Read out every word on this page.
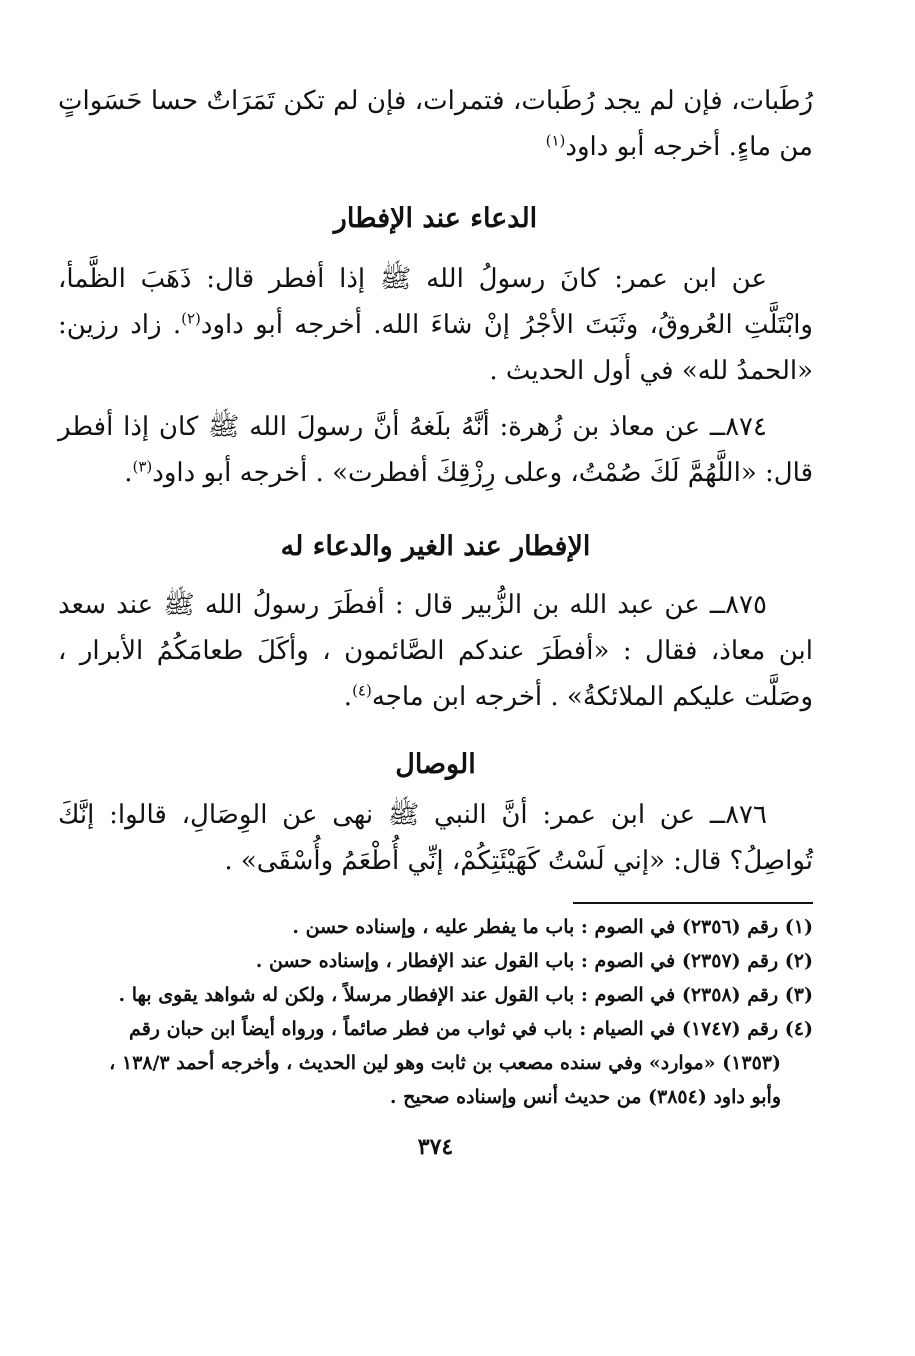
رُطَبات، فإن لم يجد رُطَبات، فتمرات، فإن لم تكن تَمَرَاتٌ حسا حَسَواتٍ من ماءٍ. أخرجه أبو داود$^{(١)}$

الدعاء عند الإفطار

عن ابن عمر: كانَ رسولُ الله ﷺ إذا أفطر قال: ذَهَبَ الظَّمأ، وابْتَلَّتِ العُروقُ، وثَبَتَ الأجْرُ إنْ شاءَ الله. أخرجه أبو داود$^{(٢)}$. زاد رزين: «الحمدُ لله» في أول الحديث .

٨٧٤ــ عن معاذ بن زُهرة: أنَّهُ بلَغهُ أنَّ رسولَ الله ﷺ كان إذا أفطر قال: «اللَّهُمَّ لَكَ صُمْتُ، وعلى رِزْقِكَ أفطرت» . أخرجه أبو داود$^{(٣)}$.

الإفطار عند الغير والدعاء له

٨٧٥ــ عن عبد الله بن الزُّبير قال : أفطَرَ رسولُ الله ﷺ عند سعد ابن معاذ، فقال : «أفطَرَ عندكم الصَّائمون ، وأكَلَ طعامَكُمُ الأبرار ، وصَلَّت عليكم الملائكةُ» . أخرجه ابن ماجه$^{(٤)}$.

الوصال

٨٧٦ــ عن ابن عمر: أنَّ النبي ﷺ نهى عن الوِصَالِ، قالوا: إنَّكَ تُواصِلُ؟ قال: «إني لَسْتُ كَهَيْئَتِكُمْ، إنِّي أُطْعَمُ وأُسْقَى» .

(١) رقم (٢٣٥٦) في الصوم : باب ما يفطر عليه ، وإسناده حسن .

(٢) رقم (٢٣٥٧) في الصوم : باب القول عند الإفطار ، وإسناده حسن .

(٣) رقم (٢٣٥٨) في الصوم : باب القول عند الإفطار مرسلاً ، ولكن له شواهد يقوى بها .

(٤) رقم (١٧٤٧) في الصيام : باب في ثواب من فطر صائماً ، ورواه أيضاً ابن حبان رقم

(١٣٥٣) «موارد» وفي سنده مصعب بن ثابت وهو لين الحديث ، وأخرجه أحمد ١٣٨/٣ ،

وأبو داود (٣٨٥٤) من حديث أنس وإسناده صحيح .

٣٧٤
